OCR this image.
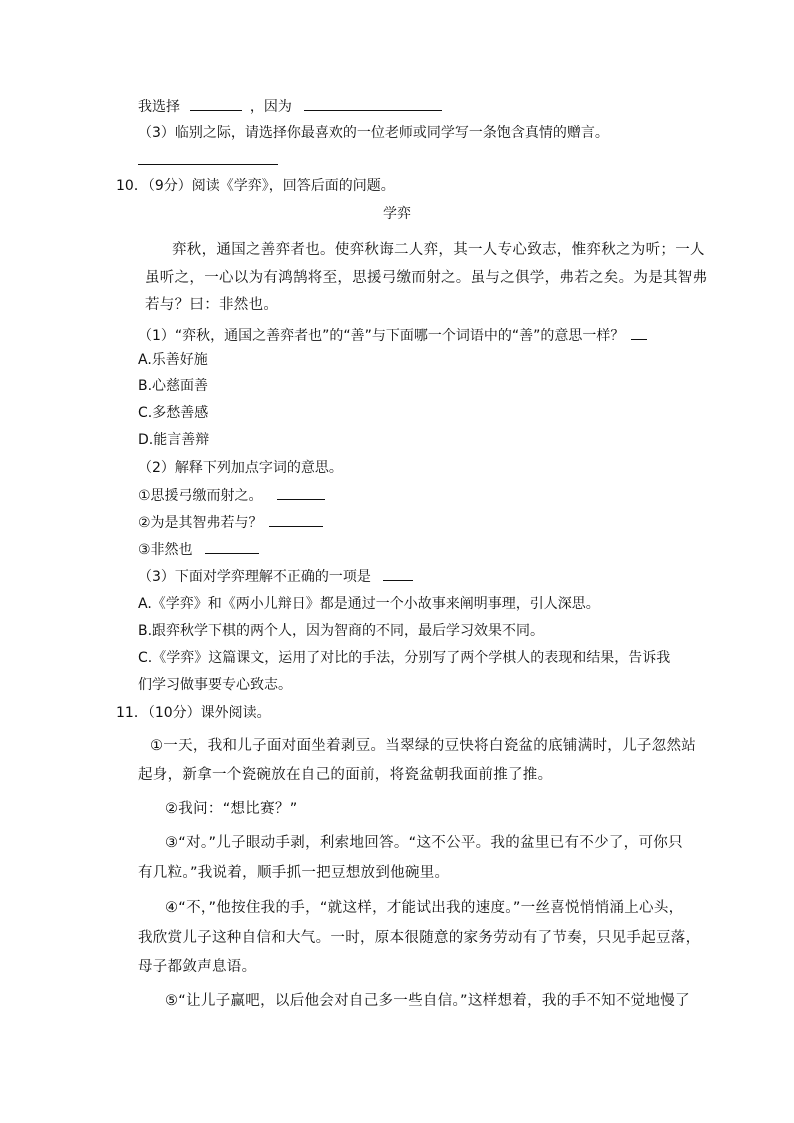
我选择	，因为
（3）临别之际，请选择你最喜欢的一位老师或同学写一条饱含真情的赠言。
10．（9分）阅读《学弈》，回答后面的问题。
学弈
弈秋，通国之善弈者也。使弈秋诲二人弈，其一人专心致志，惟弈秋之为听；一人
虽听之，一心以为有鸿鹄将至，思援弓缴而射之。虽与之俱学，弗若之矣。为是其智弗
若与？曰：非然也。
（1）“弈秋，通国之善弈者也”的“善”与下面哪一个词语中的“善”的意思一样？
A.乐善好施
B.心慈面善
C.多愁善感
D.能言善辩
（2）解释下列加点字词的意思。
①思援弓缴而射之。
②为是其智弗若与？
③非然也
（3）下面对学弈理解不正确的一项是
A.《学弈》和《两小儿辩日》都是通过一个小故事来阐明事理，引人深思。
B.跟弈秋学下棋的两个人，因为智商的不同，最后学习效果不同。
C.《学弈》这篇课文，运用了对比的手法，分别写了两个学棋人的表现和结果，告诉我
们学习做事要专心致志。
11．（10分）课外阅读。
①一天，我和儿子面对面坐着剥豆。当翠绿的豆快将白瓷盆的底铺满时，儿子忽然站
起身，新拿一个瓷碗放在自己的面前，将瓷盆朝我面前推了推。
②我问：“想比赛？”
③“对。”儿子眼动手剥，利索地回答。“这不公平。我的盆里已有不少了，可你只
有几粒。”我说着，顺手抓一把豆想放到他碗里。
④“不，”他按住我的手，“就这样，才能试出我的速度。”一丝喜悦悄悄涌上心头，
我欣赏儿子这种自信和大气。一时，原本很随意的家务劳动有了节奏，只见手起豆落，
母子都敛声息语。
⑤“让儿子赢吧，以后他会对自己多一些自信。”这样想着，我的手不知不觉地慢了
